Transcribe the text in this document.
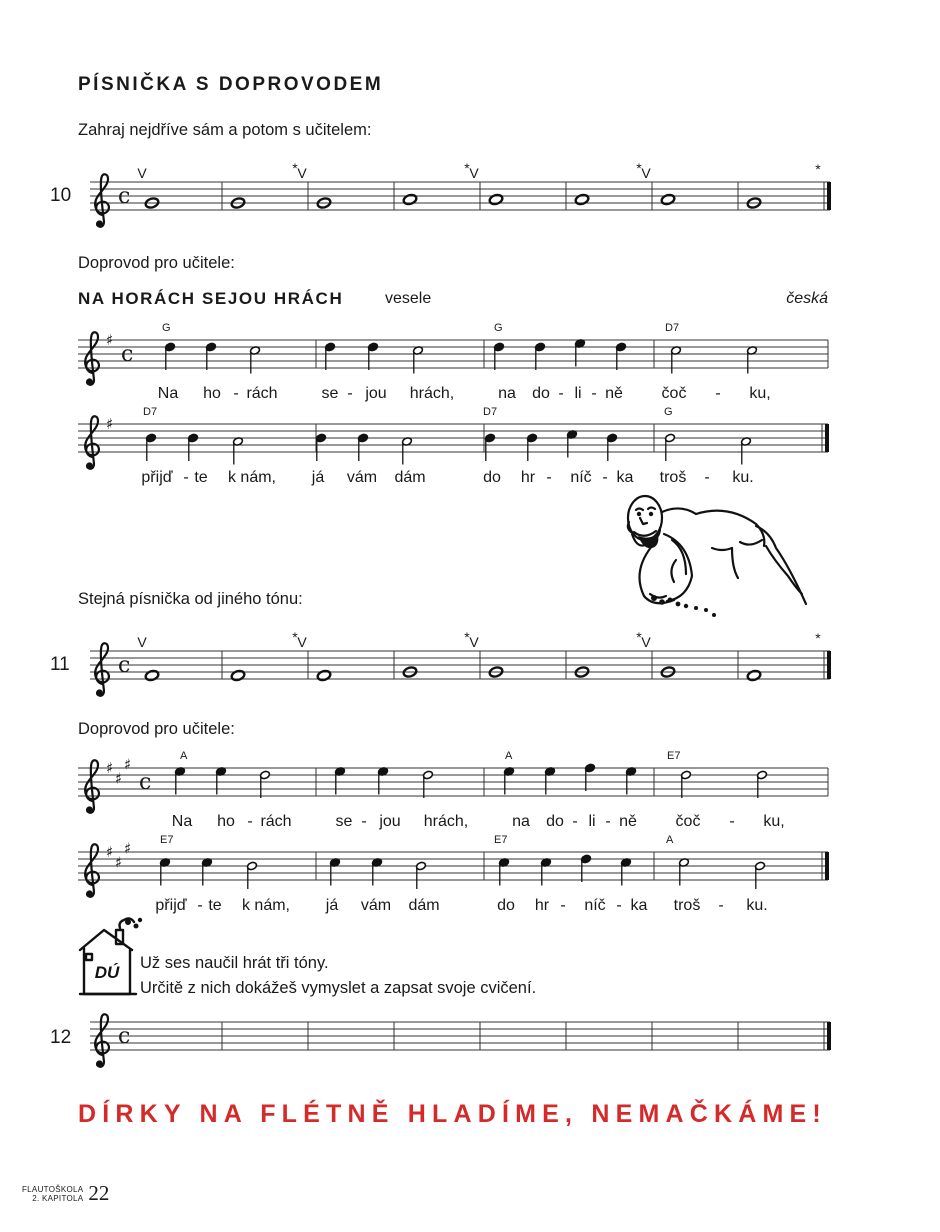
PÍSNIČKA S DOPROVODEM
Zahraj nejdříve sám a potom s učitelem:
10 c
V	V
*	V
*	V
*	*
Doprovod pro učitele:
NA HORÁCH SEJOU HRÁCH	vesele	česká
♯
c
G	G	D7
Na ho - rách	se - jou hrách,	na do - li - ně čoč - ku,
♯
D7	D7	G
přijď - te k nám, já vám dám	do hr - níč - ka troš - ku.
Stejná písnička od jiného tónu:
11 c
V	V
*	V
*	V
*	*
Doprovod pro učitele:
♯
♯
♯
c
A	A	E7
Na ho - rách	se - jou hrách,	na do - li - ně čoč - ku,
♯
♯
♯	E7	E7	A
přijď - te k nám, já vám dám	do hr - níč - ka troš - ku.
DÚ Už ses naučil hrát tři tóny.
Určitě z nich dokážeš vymyslet a zapsat svoje cvičení.
12 c
DÍRKY NA FLÉTNĚ HLADÍME, NEMAČKÁME!
FLAUTOŠKOLA
2. KAPITOLA 22
